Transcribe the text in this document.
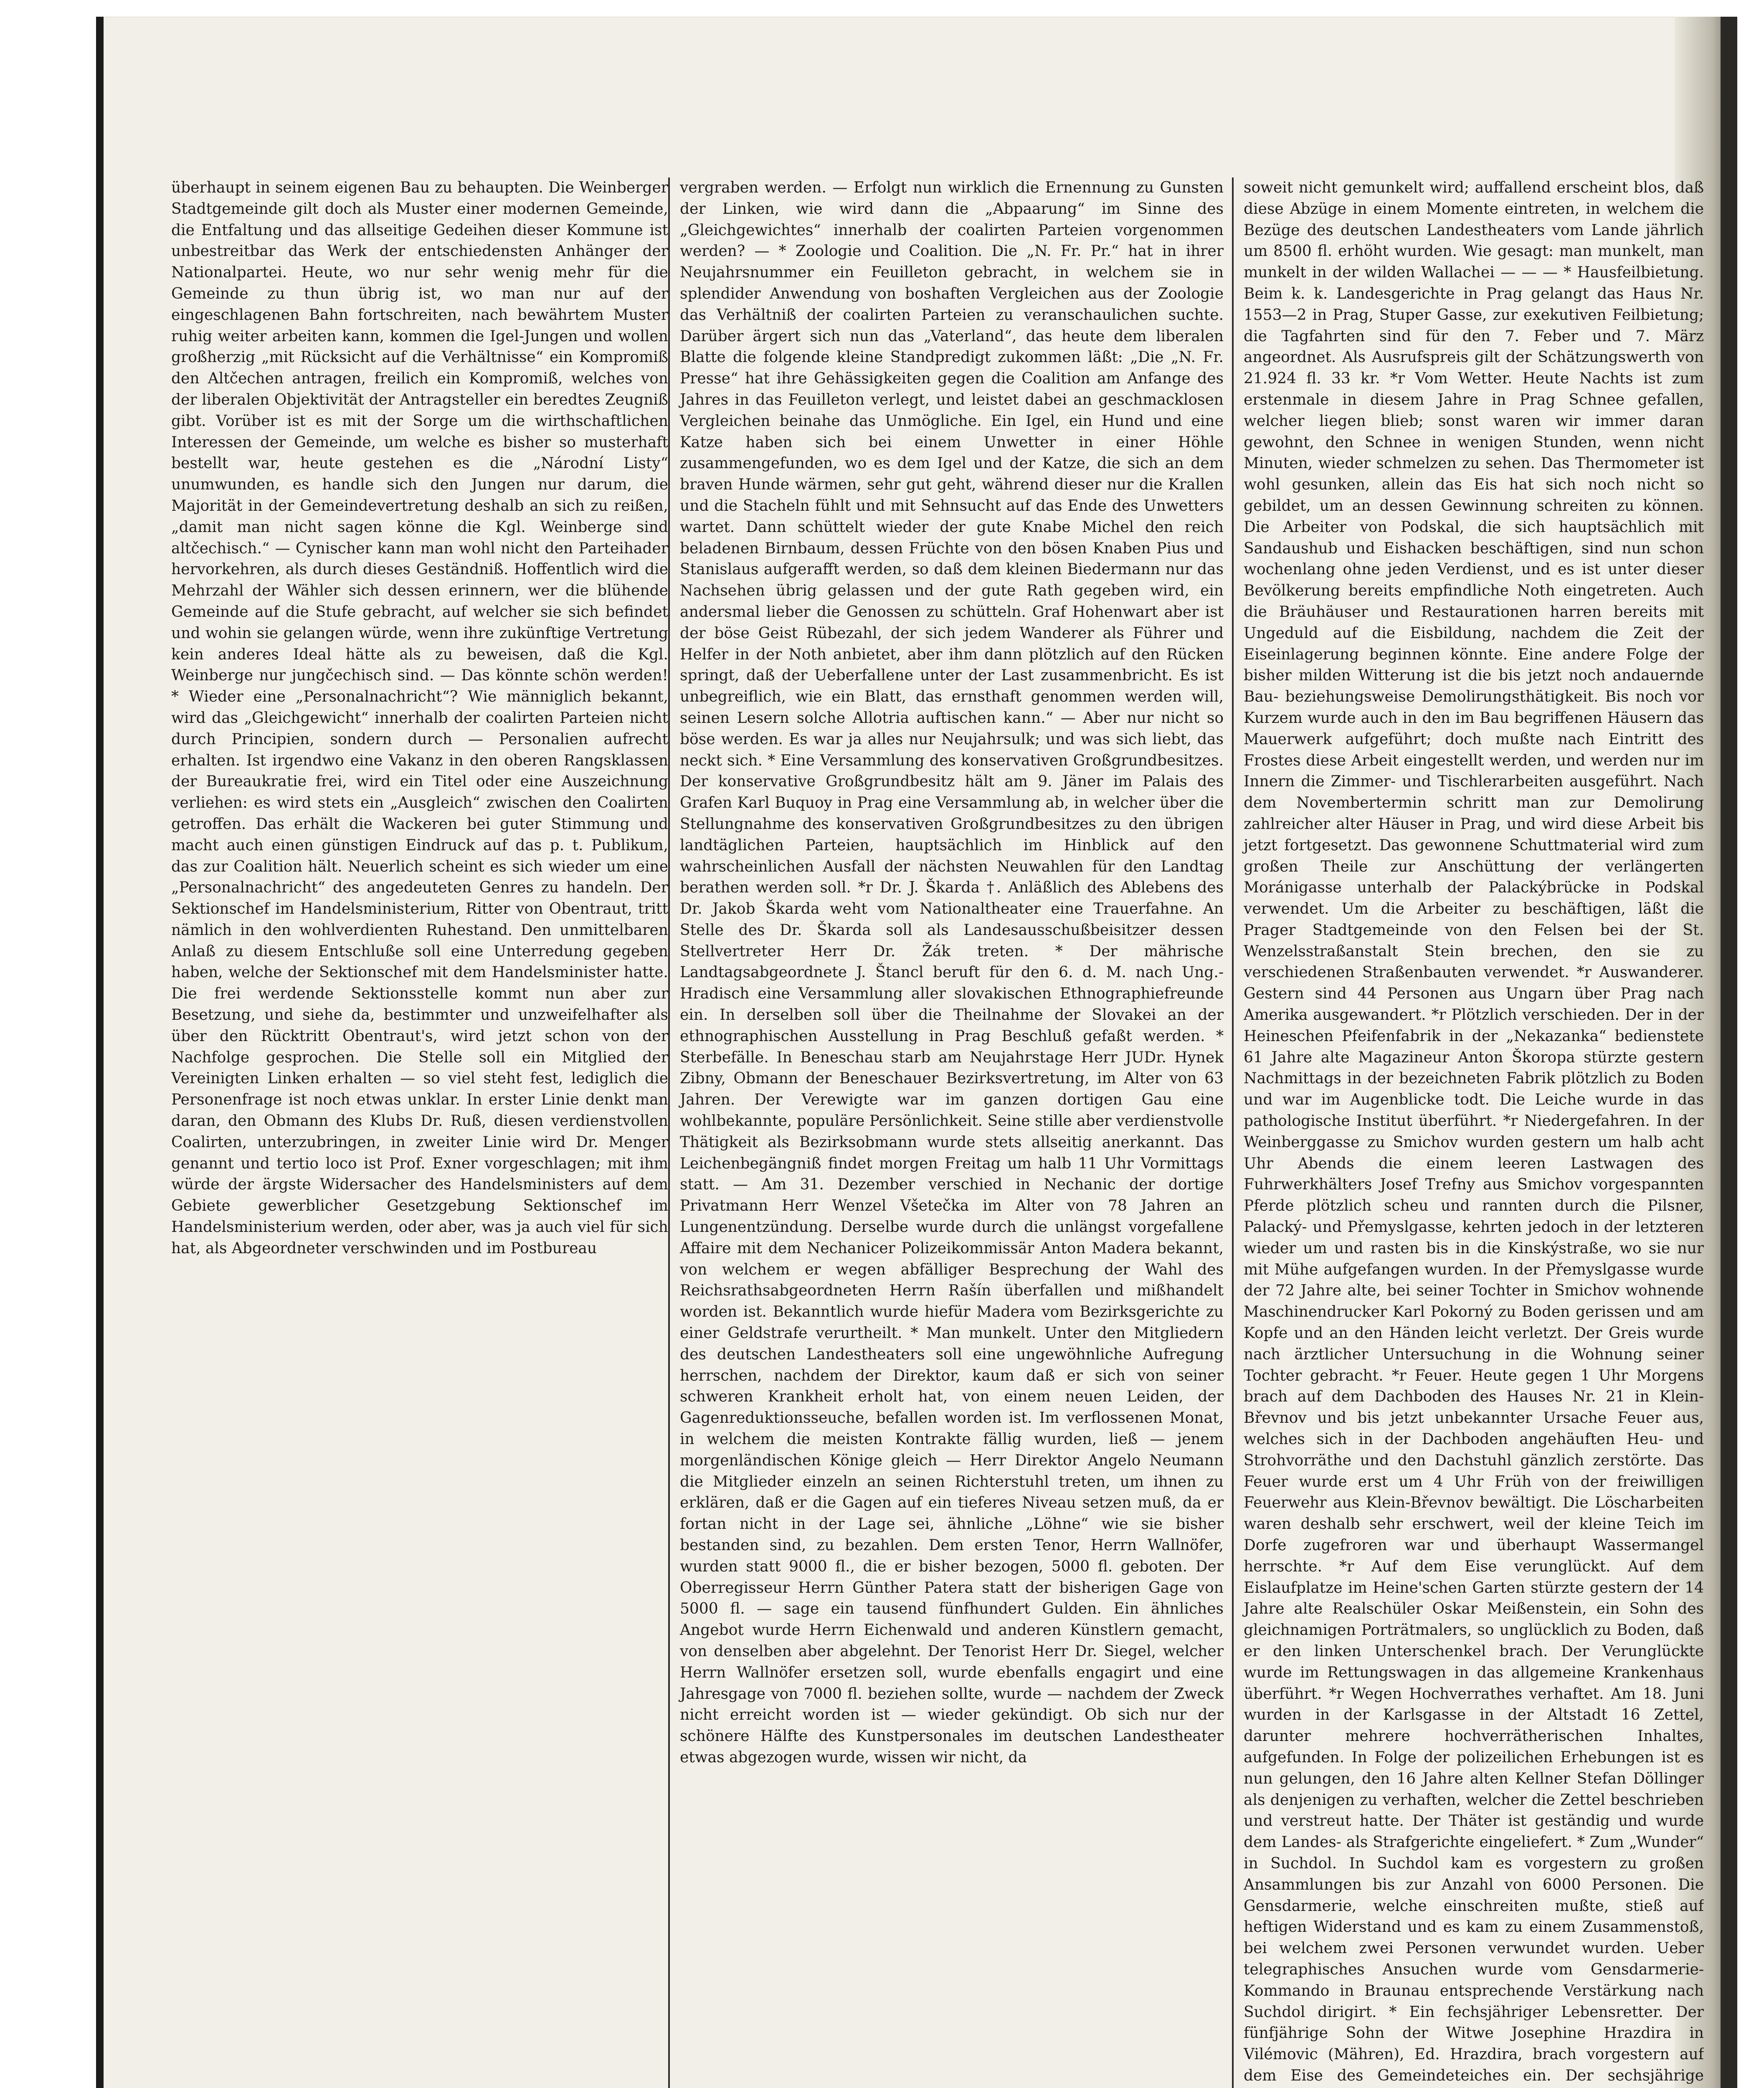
überhaupt in seinem eigenen Bau zu behaupten. Die Weinberger Stadtgemeinde gilt doch als Muster einer modernen Gemeinde, die Entfaltung und das allseitige Gedeihen dieser Kommune ist unbestreitbar das Werk der entschiedensten Anhänger der Nationalpartei. Heute, wo nur sehr wenig mehr für die Gemeinde zu thun übrig ist, wo man nur auf der eingeschlagenen Bahn fortschreiten, nach bewährtem Muster ruhig weiter arbeiten kann, kommen die Igel-Jungen und wollen großherzig „mit Rücksicht auf die Verhältnisse“ ein Kompromiß den Altčechen antragen, freilich ein Kompromiß, welches von der liberalen Objektivität der Antragsteller ein beredtes Zeugniß gibt. Vorüber ist es mit der Sorge um die wirthschaftlichen Interessen der Gemeinde, um welche es bisher so musterhaft bestellt war, heute gestehen es die „Národní Listy“ unumwunden, es handle sich den Jungen nur darum, die Majorität in der Gemeindevertretung deshalb an sich zu reißen, „damit man nicht sagen könne die Kgl. Weinberge sind altčechisch.“ — Cynischer kann man wohl nicht den Parteihader hervorkehren, als durch dieses Geständniß. Hoffentlich wird die Mehrzahl der Wähler sich dessen erinnern, wer die blühende Gemeinde auf die Stufe gebracht, auf welcher sie sich befindet und wohin sie gelangen würde, wenn ihre zukünftige Vertretung kein anderes Ideal hätte als zu beweisen, daß die Kgl. Weinberge nur jungčechisch sind. — Das könnte schön werden! * Wieder eine „Personalnachricht“? Wie männiglich bekannt, wird das „Gleichgewicht“ innerhalb der coalirten Parteien nicht durch Principien, sondern durch — Personalien aufrecht erhalten. Ist irgendwo eine Vakanz in den oberen Rangsklassen der Bureaukratie frei, wird ein Titel oder eine Auszeichnung verliehen: es wird stets ein „Ausgleich“ zwischen den Coalirten getroffen. Das erhält die Wackeren bei guter Stimmung und macht auch einen günstigen Eindruck auf das p. t. Publikum, das zur Coalition hält. Neuerlich scheint es sich wieder um eine „Personalnachricht“ des angedeuteten Genres zu handeln. Der Sektionschef im Handelsministerium, Ritter von Obentraut, tritt nämlich in den wohlverdienten Ruhestand. Den unmittelbaren Anlaß zu diesem Entschluße soll eine Unterredung gegeben haben, welche der Sektionschef mit dem Handelsminister hatte. Die frei werdende Sektionsstelle kommt nun aber zur Besetzung, und siehe da, bestimmter und unzweifelhafter als über den Rücktritt Obentraut's, wird jetzt schon von der Nachfolge gesprochen. Die Stelle soll ein Mitglied der Vereinigten Linken erhalten — so viel steht fest, lediglich die Personenfrage ist noch etwas unklar. In erster Linie denkt man daran, den Obmann des Klubs Dr. Ruß, diesen verdienstvollen Coalirten, unterzubringen, in zweiter Linie wird Dr. Menger genannt und tertio loco ist Prof. Exner vorgeschlagen; mit ihm würde der ärgste Widersacher des Handelsministers auf dem Gebiete gewerblicher Gesetzgebung Sektionschef im Handelsministerium werden, oder aber, was ja auch viel für sich hat, als Abgeordneter verschwinden und im Postbureau
vergraben werden. — Erfolgt nun wirklich die Ernennung zu Gunsten der Linken, wie wird dann die „Abpaarung“ im Sinne des „Gleichgewichtes“ innerhalb der coalirten Parteien vorgenommen werden? — * Zoologie und Coalition. Die „N. Fr. Pr.“ hat in ihrer Neujahrsnummer ein Feuilleton gebracht, in welchem sie in splendider Anwendung von boshaften Vergleichen aus der Zoologie das Verhältniß der coalirten Parteien zu veranschaulichen suchte. Darüber ärgert sich nun das „Vaterland“, das heute dem liberalen Blatte die folgende kleine Standpredigt zukommen läßt: „Die „N. Fr. Presse“ hat ihre Gehässigkeiten gegen die Coalition am Anfange des Jahres in das Feuilleton verlegt, und leistet dabei an geschmacklosen Vergleichen beinahe das Unmögliche. Ein Igel, ein Hund und eine Katze haben sich bei einem Unwetter in einer Höhle zusammengefunden, wo es dem Igel und der Katze, die sich an dem braven Hunde wärmen, sehr gut geht, während dieser nur die Krallen und die Stacheln fühlt und mit Sehnsucht auf das Ende des Unwetters wartet. Dann schüttelt wieder der gute Knabe Michel den reich beladenen Birnbaum, dessen Früchte von den bösen Knaben Pius und Stanislaus aufgerafft werden, so daß dem kleinen Biedermann nur das Nachsehen übrig gelassen und der gute Rath gegeben wird, ein andersmal lieber die Genossen zu schütteln. Graf Hohenwart aber ist der böse Geist Rübezahl, der sich jedem Wanderer als Führer und Helfer in der Noth anbietet, aber ihm dann plötzlich auf den Rücken springt, daß der Ueberfallene unter der Last zusammenbricht. Es ist unbegreiflich, wie ein Blatt, das ernsthaft genommen werden will, seinen Lesern solche Allotria auftischen kann.“ — Aber nur nicht so böse werden. Es war ja alles nur Neujahrsulk; und was sich liebt, das neckt sich. * Eine Versammlung des konservativen Großgrundbesitzes. Der konservative Großgrundbesitz hält am 9. Jäner im Palais des Grafen Karl Buquoy in Prag eine Versammlung ab, in welcher über die Stellungnahme des konservativen Großgrundbesitzes zu den übrigen landtäglichen Parteien, hauptsächlich im Hinblick auf den wahrscheinlichen Ausfall der nächsten Neuwahlen für den Landtag berathen werden soll. *r Dr. J. Škarda †. Anläßlich des Ablebens des Dr. Jakob Škarda weht vom Nationaltheater eine Trauerfahne. An Stelle des Dr. Škarda soll als Landesausschußbeisitzer dessen Stellvertreter Herr Dr. Žák treten. * Der mährische Landtagsabgeordnete J. Štancl beruft für den 6. d. M. nach Ung.-Hradisch eine Versammlung aller slovakischen Ethnographiefreunde ein. In derselben soll über die Theilnahme der Slovakei an der ethnographischen Ausstellung in Prag Beschluß gefaßt werden. * Sterbefälle. In Beneschau starb am Neujahrstage Herr JUDr. Hynek Zibny, Obmann der Beneschauer Bezirksvertretung, im Alter von 63 Jahren. Der Verewigte war im ganzen dortigen Gau eine wohlbekannte, populäre Persönlichkeit. Seine stille aber verdienstvolle Thätigkeit als Bezirksobmann wurde stets allseitig anerkannt. Das Leichenbegängniß findet morgen Freitag um halb 11 Uhr Vormittags statt. — Am 31. Dezember verschied in Nechanic der dortige Privatmann Herr Wenzel Všetečka im Alter von 78 Jahren an Lungenentzündung. Derselbe wurde durch die unlängst vorgefallene Affaire mit dem Nechanicer Polizeikommissär Anton Madera bekannt, von welchem er wegen abfälliger Besprechung der Wahl des Reichsrathsabgeordneten Herrn Rašín überfallen und mißhandelt worden ist. Bekanntlich wurde hiefür Madera vom Bezirksgerichte zu einer Geldstrafe verurtheilt. * Man munkelt. Unter den Mitgliedern des deutschen Landestheaters soll eine ungewöhnliche Aufregung herrschen, nachdem der Direktor, kaum daß er sich von seiner schweren Krankheit erholt hat, von einem neuen Leiden, der Gagenreduktionsseuche, befallen worden ist. Im verflossenen Monat, in welchem die meisten Kontrakte fällig wurden, ließ — jenem morgenländischen Könige gleich — Herr Direktor Angelo Neumann die Mitglieder einzeln an seinen Richterstuhl treten, um ihnen zu erklären, daß er die Gagen auf ein tieferes Niveau setzen muß, da er fortan nicht in der Lage sei, ähnliche „Löhne“ wie sie bisher bestanden sind, zu bezahlen. Dem ersten Tenor, Herrn Wallnöfer, wurden statt 9000 fl., die er bisher bezogen, 5000 fl. geboten. Der Oberregisseur Herrn Günther Patera statt der bisherigen Gage von 5000 fl. — sage ein tausend fünfhundert Gulden. Ein ähnliches Angebot wurde Herrn Eichenwald und anderen Künstlern gemacht, von denselben aber abgelehnt. Der Tenorist Herr Dr. Siegel, welcher Herrn Wallnöfer ersetzen soll, wurde ebenfalls engagirt und eine Jahresgage von 7000 fl. beziehen sollte, wurde — nachdem der Zweck nicht erreicht worden ist — wieder gekündigt. Ob sich nur der schönere Hälfte des Kunstpersonales im deutschen Landestheater etwas abgezogen wurde, wissen wir nicht, da
soweit nicht gemunkelt wird; auffallend erscheint blos, daß diese Abzüge in einem Momente eintreten, in welchem die Bezüge des deutschen Landestheaters vom Lande jährlich um 8500 fl. erhöht wurden. Wie gesagt: man munkelt, man munkelt in der wilden Wallachei — — — * Hausfeilbietung. Beim k. k. Landesgerichte in Prag gelangt das Haus Nr. 1553—2 in Prag, Stuper Gasse, zur exekutiven Feilbietung; die Tagfahrten sind für den 7. Feber und 7. März angeordnet. Als Ausrufspreis gilt der Schätzungswerth von 21.924 fl. 33 kr. *r Vom Wetter. Heute Nachts ist zum erstenmale in diesem Jahre in Prag Schnee gefallen, welcher liegen blieb; sonst waren wir immer daran gewohnt, den Schnee in wenigen Stunden, wenn nicht Minuten, wieder schmelzen zu sehen. Das Thermometer ist wohl gesunken, allein das Eis hat sich noch nicht so gebildet, um an dessen Gewinnung schreiten zu können. Die Arbeiter von Podskal, die sich hauptsächlich mit Sandaushub und Eishacken beschäftigen, sind nun schon wochenlang ohne jeden Verdienst, und es ist unter dieser Bevölkerung bereits empfindliche Noth eingetreten. Auch die Bräuhäuser und Restaurationen harren bereits mit Ungeduld auf die Eisbildung, nachdem die Zeit der Eiseinlagerung beginnen könnte. Eine andere Folge der bisher milden Witterung ist die bis jetzt noch andauernde Bau- beziehungsweise Demolirungsthätigkeit. Bis noch vor Kurzem wurde auch in den im Bau begriffenen Häusern das Mauerwerk aufgeführt; doch mußte nach Eintritt des Frostes diese Arbeit eingestellt werden, und werden nur im Innern die Zimmer- und Tischlerarbeiten ausgeführt. Nach dem Novembertermin schritt man zur Demolirung zahlreicher alter Häuser in Prag, und wird diese Arbeit bis jetzt fortgesetzt. Das gewonnene Schuttmaterial wird zum großen Theile zur Anschüttung der verlängerten Moránigasse unterhalb der Palackýbrücke in Podskal verwendet. Um die Arbeiter zu beschäftigen, läßt die Prager Stadtgemeinde von den Felsen bei der St. Wenzelsstraßanstalt Stein brechen, den sie zu verschiedenen Straßenbauten verwendet. *r Auswanderer. Gestern sind 44 Personen aus Ungarn über Prag nach Amerika ausgewandert. *r Plötzlich verschieden. Der in der Heineschen Pfeifenfabrik in der „Nekazanka“ bedienstete 61 Jahre alte Magazineur Anton Škoropa stürzte gestern Nachmittags in der bezeichneten Fabrik plötzlich zu Boden und war im Augenblicke todt. Die Leiche wurde in das pathologische Institut überführt. *r Niedergefahren. In der Weinberggasse zu Smichov wurden gestern um halb acht Uhr Abends die einem leeren Lastwagen des Fuhrwerkhälters Josef Trefny aus Smichov vorgespannten Pferde plötzlich scheu und rannten durch die Pilsner, Palacký- und Přemyslgasse, kehrten jedoch in der letzteren wieder um und rasten bis in die Kinskýstraße, wo sie nur mit Mühe aufgefangen wurden. In der Přemyslgasse wurde der 72 Jahre alte, bei seiner Tochter in Smichov wohnende Maschinendrucker Karl Pokorný zu Boden gerissen und am Kopfe und an den Händen leicht verletzt. Der Greis wurde nach ärztlicher Untersuchung in die Wohnung seiner Tochter gebracht. *r Feuer. Heute gegen 1 Uhr Morgens brach auf dem Dachboden des Hauses Nr. 21 in Klein-Břevnov und bis jetzt unbekannter Ursache Feuer aus, welches sich in der Dachboden angehäuften Heu- und Strohvorräthe und den Dachstuhl gänzlich zerstörte. Das Feuer wurde erst um 4 Uhr Früh von der freiwilligen Feuerwehr aus Klein-Břevnov bewältigt. Die Löscharbeiten waren deshalb sehr erschwert, weil der kleine Teich im Dorfe zugefroren war und überhaupt Wassermangel herrschte. *r Auf dem Eise verunglückt. Auf dem Eislaufplatze im Heine'schen Garten stürzte gestern der 14 Jahre alte Realschüler Oskar Meißenstein, ein Sohn des gleichnamigen Porträtmalers, so unglücklich zu Boden, daß er den linken Unterschenkel brach. Der Verunglückte wurde im Rettungswagen in das allgemeine Krankenhaus überführt. *r Wegen Hochverrathes verhaftet. Am 18. Juni wurden in der Karlsgasse in der Altstadt 16 Zettel, darunter mehrere hochverrätherischen Inhaltes, aufgefunden. In Folge der polizeilichen Erhebungen ist es nun gelungen, den 16 Jahre alten Kellner Stefan Döllinger als denjenigen zu verhaften, welcher die Zettel beschrieben und verstreut hatte. Der Thäter ist geständig und wurde dem Landes- als Strafgerichte eingeliefert. * Zum „Wunder“ in Suchdol. In Suchdol kam es vorgestern zu großen Ansammlungen bis zur Anzahl von 6000 Personen. Die Gensdarmerie, welche einschreiten mußte, stieß auf heftigen Widerstand und es kam zu einem Zusammenstoß, bei welchem zwei Personen verwundet wurden. Ueber telegraphisches Ansuchen wurde vom Gensdarmerie-Kommando in Braunau entsprechende Verstärkung nach Suchdol dirigirt. * Ein fechsjähriger Lebensretter. Der fünfjährige Sohn der Witwe Josephine Hrazdira in Vilémovic (Mähren), Ed. Hrazdira, brach vorgestern auf dem Eise des Gemeindeteiches ein. Der sechsjährige
